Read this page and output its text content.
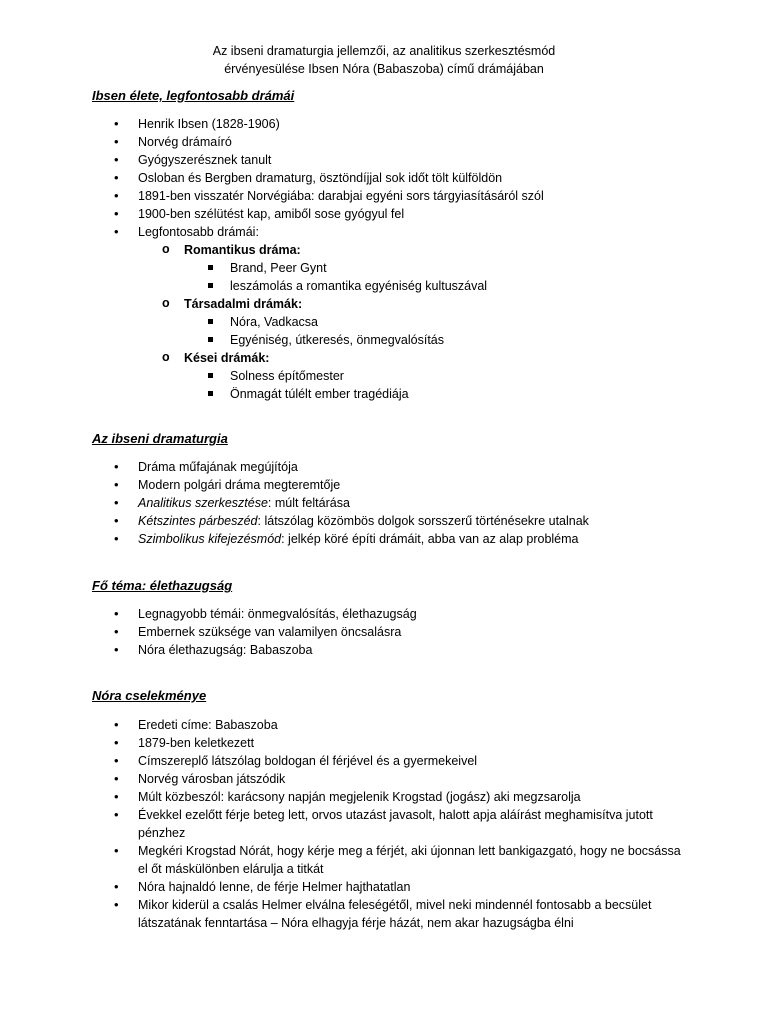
Az ibseni dramaturgia jellemzői, az analitikus szerkesztésmód
érvényesülése Ibsen Nóra (Babaszoba) című drámájában
Ibsen élete, legfontosabb drámái
• Henrik Ibsen (1828-1906)
• Norvég drámaíró
• Gyógyszerésznek tanult
• Osloban és Bergben dramaturg, ösztöndíjjal sok időt tölt külföldön
• 1891-ben visszatér Norvégiába: darabjai egyéni sors tárgyiasításáról szól
• 1900-ben szélütést kap, amiből sose gyógyul fel
• Legfontosabb drámái:
o Romantikus dráma:
Brand, Peer Gynt
leszámolás a romantika egyéniség kultuszával
o Társadalmi drámák:
Nóra, Vadkacsa
Egyéniség, útkeresés, önmegvalósítás
o Kései drámák:
Solness építőmester
Önmagát túlélt ember tragédiája
Az ibseni dramaturgia
• Dráma műfajának megújítója
• Modern polgári dráma megteremtője
• Analitikus szerkesztése: múlt feltárása
• Kétszintes párbeszéd: látszólag közömbös dolgok sorsszerű történésekre utalnak
• Szimbolikus kifejezésmód: jelkép köré építi drámáit, abba van az alap probléma
Fő téma: élethazugság
• Legnagyobb témái: önmegvalósítás, élethazugság
• Embernek szüksége van valamilyen öncsalásra
• Nóra élethazugság: Babaszoba
Nóra cselekménye
• Eredeti címe: Babaszoba
• 1879-ben keletkezett
• Címszereplő látszólag boldogan él férjével és a gyermekeivel
• Norvég városban játszódik
• Múlt közbeszól: karácsony napján megjelenik Krogstad (jogász) aki megzsarolja
• Évekkel ezelőtt férje beteg lett, orvos utazást javasolt, halott apja aláírást meghamisítva jutott pénzhez
• Megkéri Krogstad Nórát, hogy kérje meg a férjét, aki újonnan lett bankigazgató, hogy ne bocsássa el őt máskülönben elárulja a titkát
• Nóra hajnaldó lenne, de férje Helmer hajthatatlan
• Mikor kiderül a csalás Helmer elválna feleségétől, mivel neki mindennél fontosabb a becsület látszatának fenntartása – Nóra elhagyja férje házát, nem akar hazugságba élni
